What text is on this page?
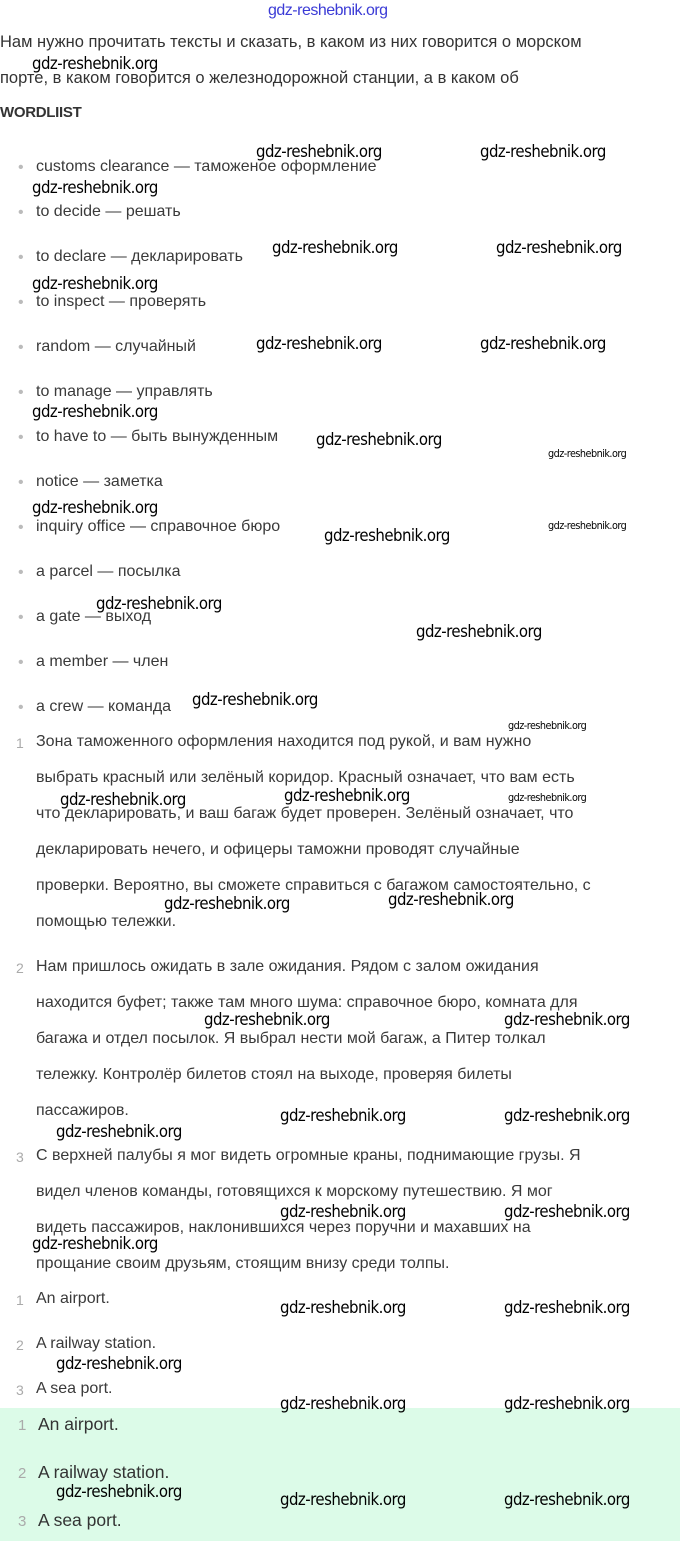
gdz-reshebnik.org
Нам нужно прочитать тексты и сказать, в каком из них говорится о морском
порте, в каком говорится о железнодорожной станции, а в каком об
WORDLIIST
• customs clearance — таможеное оформление
• to decide — решать
• to declare — декларировать
• to inspect — проверять
• random — случайный
• to manage — управлять
• to have to — быть вынужденным
• notice — заметка
• inquiry office — справочное бюро
• a parcel — посылка
• a gate — выход
• a member — член
• a crew — команда
1 Зона таможенного оформления находится под рукой, и вам нужно
выбрать красный или зелёный коридор. Красный означает, что вам есть
что декларировать, и ваш багаж будет проверен. Зелёный означает, что
декларировать нечего, и офицеры таможни проводят случайные
проверки. Вероятно, вы сможете справиться с багажом самостоятельно, с
помощью тележки.
2 Нам пришлось ожидать в зале ожидания. Рядом с залом ожидания
находится буфет; также там много шума: справочное бюро, комната для
багажа и отдел посылок. Я выбрал нести мой багаж, а Питер толкал
тележку. Контролёр билетов стоял на выходе, проверяя билеты
пассажиров.
3 С верхней палубы я мог видеть огромные краны, поднимающие грузы. Я
видел членов команды, готовящихся к морскому путешествию. Я мог
видеть пассажиров, наклонившихся через поручни и махавших на
прощание своим друзьям, стоящим внизу среди толпы.
1 An airport.
2 A railway station.
3 A sea port.
1 An airport.
2 A railway station.
3 A sea port.
gdz-reshebnik.org
gdz-reshebnik.org	gdz-reshebnik.org
gdz-reshebnik.org
gdz-reshebnik.org	gdz-reshebnik.org
gdz-reshebnik.org
gdz-reshebnik.org	gdz-reshebnik.org
gdz-reshebnik.org
gdz-reshebnik.org
gdz-reshebnik.org
gdz-reshebnik.org
gdz-reshebnik.org
gdz-reshebnik.org
gdz-reshebnik.org
gdz-reshebnik.org	gdz-reshebnik.org
gdz-reshebnik.org	gdz-reshebnik.org
gdz-reshebnik.org	gdz-reshebnik.org
gdz-reshebnik.org	gdz-reshebnik.org
gdz-reshebnik.org
gdz-reshebnik.org	gdz-reshebnik.org
gdz-reshebnik.org
gdz-reshebnik.org	gdz-reshebnik.org
gdz-reshebnik.org
gdz-reshebnik.org	gdz-reshebnik.org
gdz-reshebnik.org	gdz-reshebnik.org	gdz-reshebnik.org
gdz-reshebnik.org
gdz-reshebnik.org
gdz-reshebnik.org
gdz-reshebnik.org
